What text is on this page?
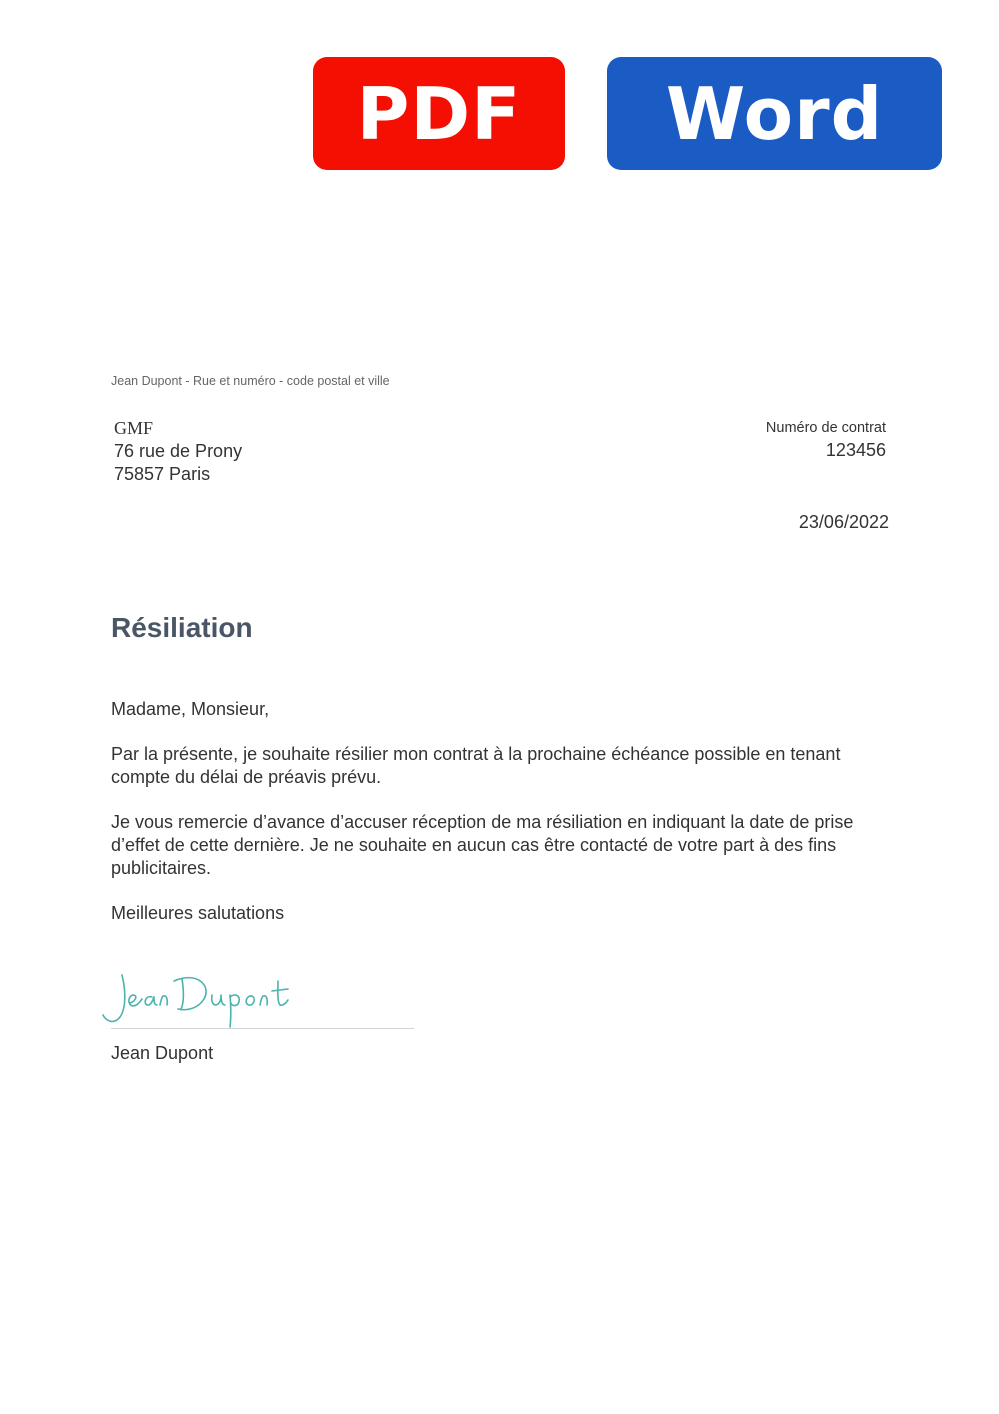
PDF	Word
Jean Dupont - Rue et numéro - code postal et ville
GMF
76 rue de Prony
75857 Paris
Numéro de contrat
123456
23/06/2022
Résiliation

Madame, Monsieur,

Par la présente, je souhaite résilier mon contrat à la prochaine échéance possible en tenant compte du délai de préavis prévu.

Je vous remercie d’avance d’accuser réception de ma résiliation en indiquant la date de prise d’effet de cette dernière. Je ne souhaite en aucun cas être contacté de votre part à des fins publicitaires.

Meilleures salutations

Jean Dupont
